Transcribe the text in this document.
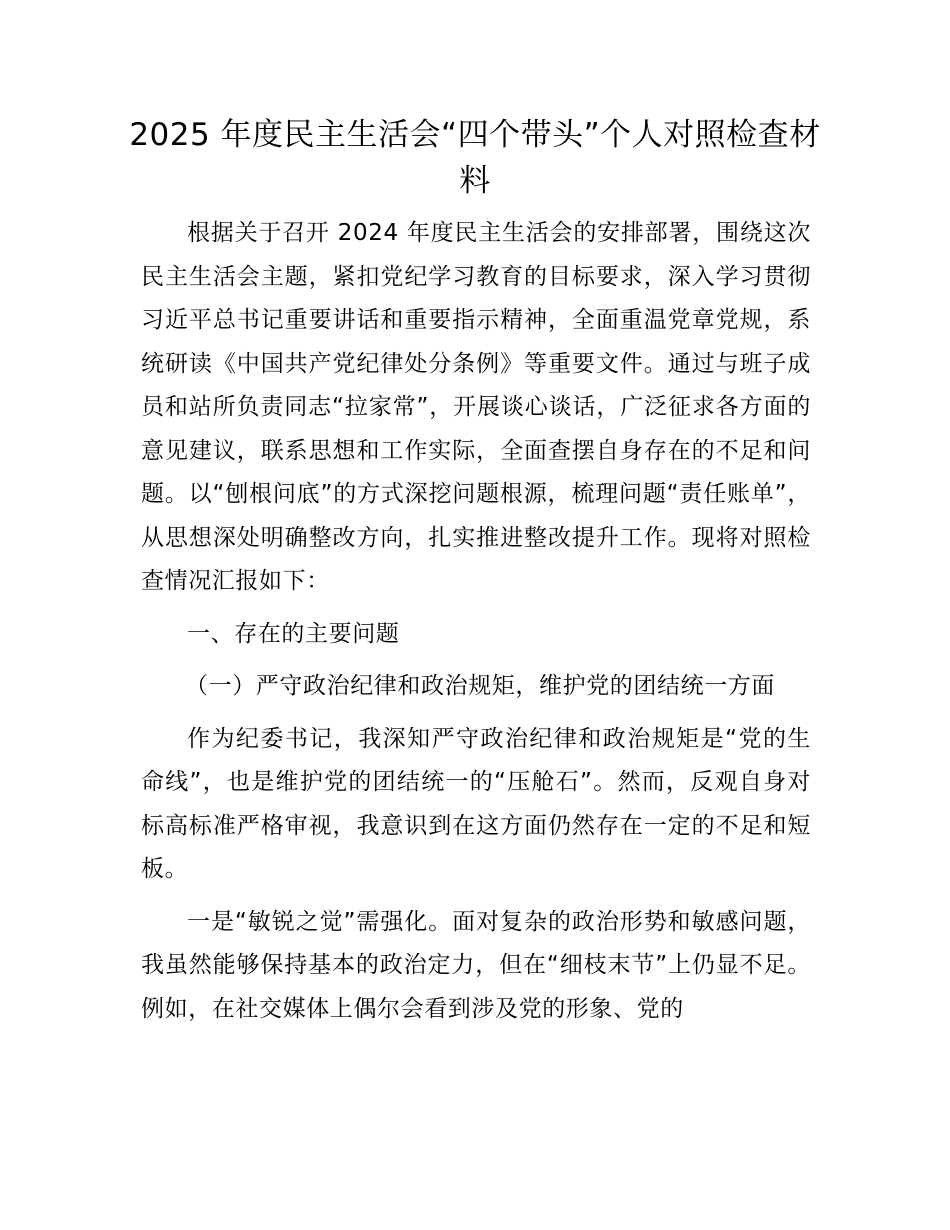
2025 年度民主生活会“四个带头”个人对照检查材料

根据关于召开 2024 年度民主生活会的安排部署，围绕这次民主生活会主题，紧扣党纪学习教育的目标要求，深入学习贯彻习近平总书记重要讲话和重要指示精神，全面重温党章党规，系统研读《中国共产党纪律处分条例》等重要文件。通过与班子成员和站所负责同志“拉家常”，开展谈心谈话，广泛征求各方面的意见建议，联系思想和工作实际，全面查摆自身存在的不足和问题。以“刨根问底”的方式深挖问题根源，梳理问题“责任账单”，从思想深处明确整改方向，扎实推进整改提升工作。现将对照检查情况汇报如下：

一、存在的主要问题

（一）严守政治纪律和政治规矩，维护党的团结统一方面

作为纪委书记，我深知严守政治纪律和政治规矩是“党的生命线”，也是维护党的团结统一的“压舱石”。然而，反观自身对标高标准严格审视，我意识到在这方面仍然存在一定的不足和短板。

一是“敏锐之觉”需强化。面对复杂的政治形势和敏感问题，我虽然能够保持基本的政治定力，但在“细枝末节”上仍显不足。例如，在社交媒体上偶尔会看到涉及党的形象、党的
